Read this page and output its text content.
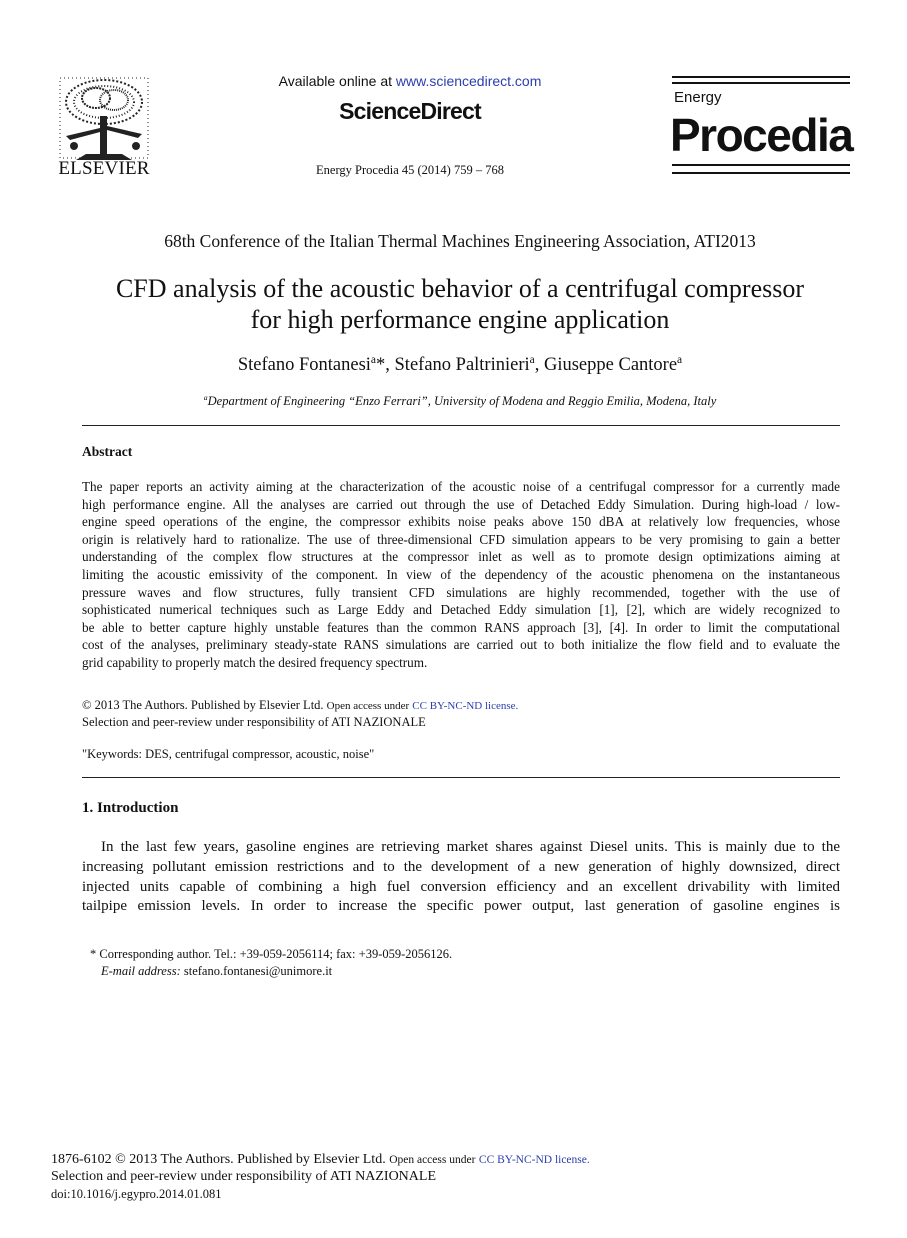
ELSEVIER
Available online at www.sciencedirect.com
ScienceDirect
Energy Procedia 45 (2014) 759 – 768
Energy
Procedia
68th Conference of the Italian Thermal Machines Engineering Association, ATI2013
CFD analysis of the acoustic behavior of a centrifugal compressor
for high performance engine application
Stefano Fontanesi$^a$*, Stefano Paltrinieri$^a$, Giuseppe Cantore$^a$
$^a$Department of Engineering “Enzo Ferrari”, University of Modena and Reggio Emilia, Modena, Italy
Abstract
The paper reports an activity aiming at the characterization of the acoustic noise of a centrifugal compressor for a currently made
high performance engine. All the analyses are carried out through the use of Detached Eddy Simulation. During high-load / low-
engine speed operations of the engine, the compressor exhibits noise peaks above 150 dBA at relatively low frequencies, whose
origin is relatively hard to rationalize. The use of three-dimensional CFD simulation appears to be very promising to gain a better
understanding of the complex flow structures at the compressor inlet as well as to promote design optimizations aiming at
limiting the acoustic emissivity of the component. In view of the dependency of the acoustic phenomena on the instantaneous
pressure waves and flow structures, fully transient CFD simulations are highly recommended, together with the use of
sophisticated numerical techniques such as Large Eddy and Detached Eddy simulation [1], [2], which are widely recognized to
be able to better capture highly unstable features than the common RANS approach [3], [4]. In order to limit the computational
cost of the analyses, preliminary steady-state RANS simulations are carried out to both initialize the flow field and to evaluate the
grid capability to properly match the desired frequency spectrum.
© 2013 The Authors. Published by Elsevier Ltd. Open access under CC BY-NC-ND license.
Selection and peer-review under responsibility of ATI NAZIONALE
"Keywords: DES, centrifugal compressor, acoustic, noise"
1. Introduction
In the last few years, gasoline engines are retrieving market shares against Diesel units. This is mainly due to the
increasing pollutant emission restrictions and to the development of a new generation of highly downsized, direct
injected units capable of combining a high fuel conversion efficiency and an excellent drivability with limited
tailpipe emission levels. In order to increase the specific power output, last generation of gasoline engines is
* Corresponding author. Tel.: +39-059-2056114; fax: +39-059-2056126.
E-mail address: stefano.fontanesi@unimore.it
1876-6102 © 2013 The Authors. Published by Elsevier Ltd. Open access under CC BY-NC-ND license.
Selection and peer-review under responsibility of ATI NAZIONALE
doi:10.1016/j.egypro.2014.01.081
